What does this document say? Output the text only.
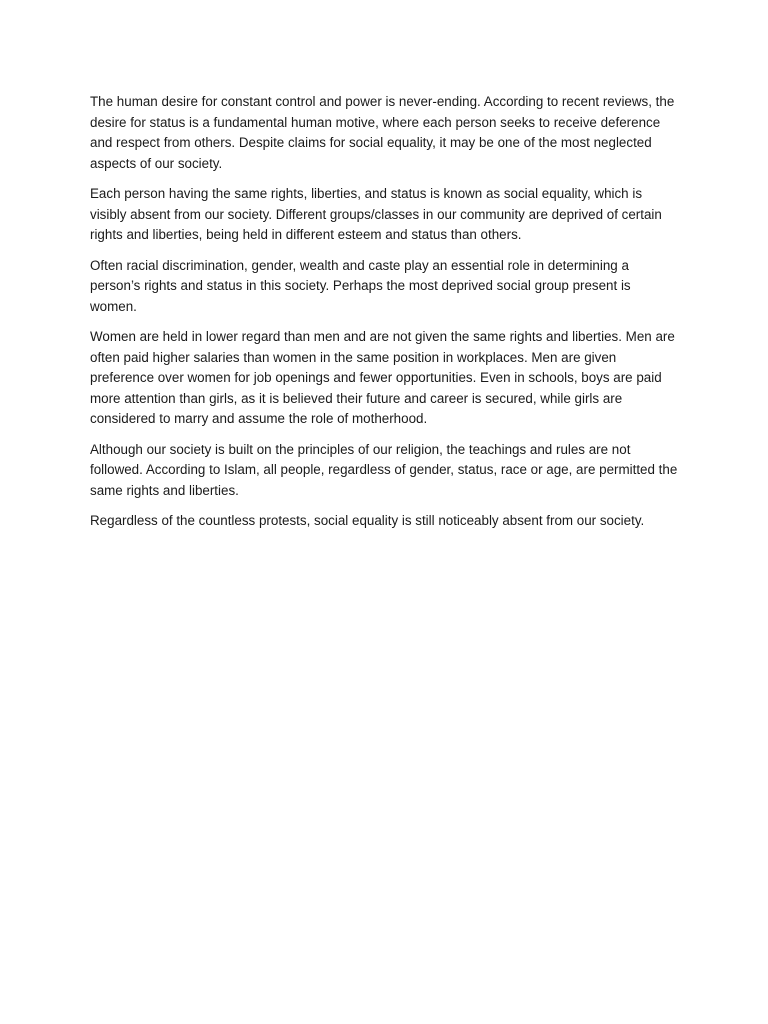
The human desire for constant control and power is never-ending. According to recent reviews, the desire for status is a fundamental human motive, where each person seeks to receive deference and respect from others. Despite claims for social equality, it may be one of the most neglected aspects of our society.

Each person having the same rights, liberties, and status is known as social equality, which is visibly absent from our society. Different groups/classes in our community are deprived of certain rights and liberties, being held in different esteem and status than others.

Often racial discrimination, gender, wealth and caste play an essential role in determining a person’s rights and status in this society. Perhaps the most deprived social group present is women.

Women are held in lower regard than men and are not given the same rights and liberties. Men are often paid higher salaries than women in the same position in workplaces. Men are given preference over women for job openings and fewer opportunities. Even in schools, boys are paid more attention than girls, as it is believed their future and career is secured, while girls are considered to marry and assume the role of motherhood.

Although our society is built on the principles of our religion, the teachings and rules are not followed. According to Islam, all people, regardless of gender, status, race or age, are permitted the same rights and liberties.

Regardless of the countless protests, social equality is still noticeably absent from our society.
